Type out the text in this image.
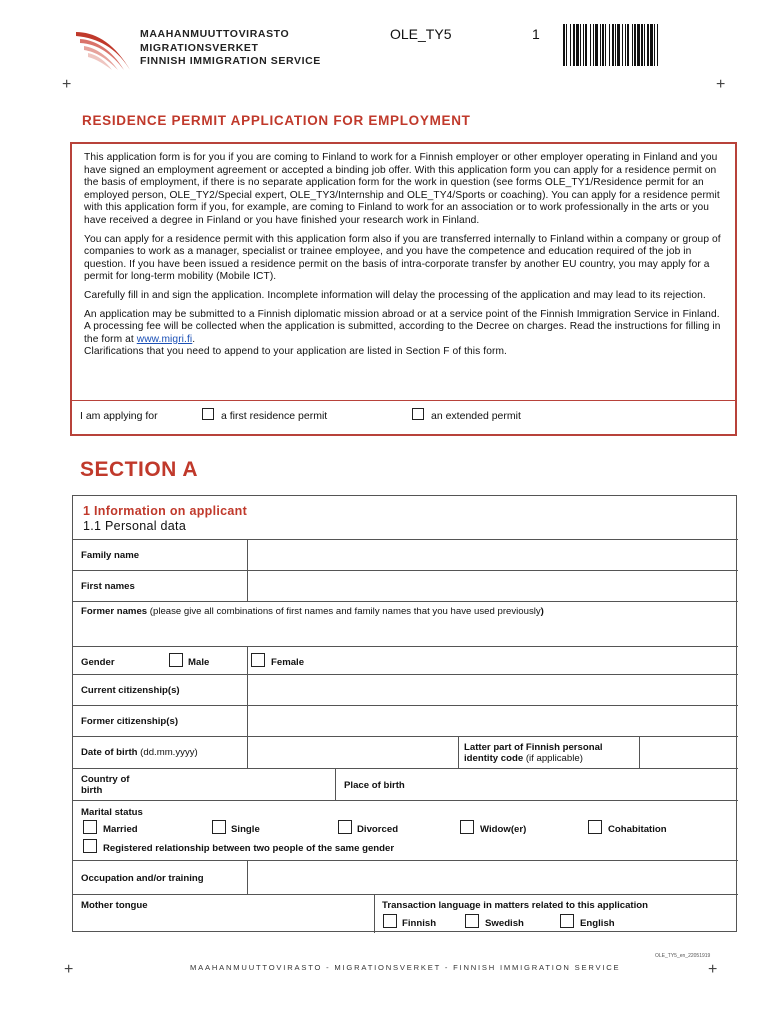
MAAHANMUUTTOVIRASTO
MIGRATIONSVERKET
FINNISH IMMIGRATION SERVICE
OLE_TY5	1
+	+
RESIDENCE PERMIT APPLICATION FOR EMPLOYMENT

This application form is for you if you are coming to Finland to work for a Finnish employer or other employer operating in Finland and you have signed an employment agreement or accepted a binding job offer. With this application form you can apply for a residence permit on the basis of employment, if there is no separate application form for the work in question (see forms OLE_TY1/Residence permit for an employed person, OLE_TY2/Special expert, OLE_TY3/Internship and OLE_TY4/Sports or coaching). You can apply for a residence permit with this application form if you, for example, are coming to Finland to work for an association or to work professionally in the arts or you have received a degree in Finland or you have finished your research work in Finland.

You can apply for a residence permit with this application form also if you are transferred internally to Finland within a company or group of companies to work as a manager, specialist or trainee employee, and you have the competence and education required of the job in question. If you have been issued a residence permit on the basis of intra-corporate transfer by another EU country, you may apply for a permit for long-term mobility (Mobile ICT).

Carefully fill in and sign the application. Incomplete information will delay the processing of the application and may lead to its rejection.

An application may be submitted to a Finnish diplomatic mission abroad or at a service point of the Finnish Immigration Service in Finland. A processing fee will be collected when the application is submitted, according to the Decree on charges. Read the instructions for filling in the form at www.migri.fi.

Clarifications that you need to append to your application are listed in Section F of this form.

I am applying for	a first residence permit	an extended permit
SECTION A
1 Information on applicant
1.1 Personal data
Family name
First names
Former names (please give all combinations of first names and family names that you have used previously)
Gender	Male	Female
Current citizenship(s)
Former citizenship(s)
Date of birth (dd.mm.yyyy)	Latter part of Finnish personal
identity code (if applicable)
Country of
birth	Place of birth
Marital status
Married	Single	Divorced	Widow(er)	Cohabitation
Registered relationship between two people of the same gender
Occupation and/or training
Mother tongue	Transaction language in matters related to this application
Finnish	Swedish	English
OLE_TY5_en_22051919
+	MAAHANMUUTTOVIRASTO - MIGRATIONSVERKET - FINNISH IMMIGRATION SERVICE	+
